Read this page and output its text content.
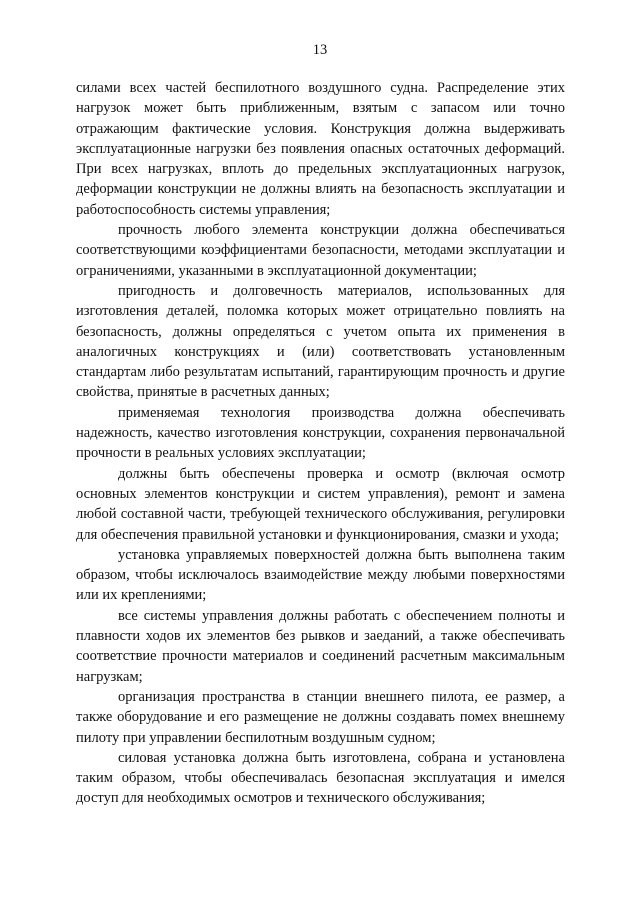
13

силами всех частей беспилотного воздушного судна. Распределение этих нагрузок может быть приближенным, взятым с запасом или точно отражающим фактические условия. Конструкция должна выдерживать эксплуатационные нагрузки без появления опасных остаточных деформаций. При всех нагрузках, вплоть до предельных эксплуатационных нагрузок, деформации конструкции не должны влиять на безопасность эксплуатации и работоспособность системы управления;

прочность любого элемента конструкции должна обеспечиваться соответствующими коэффициентами безопасности, методами эксплуатации и ограничениями, указанными в эксплуатационной документации;

пригодность и долговечность материалов, использованных для изготовления деталей, поломка которых может отрицательно повлиять на безопасность, должны определяться с учетом опыта их применения в аналогичных конструкциях и (или) соответствовать установленным стандартам либо результатам испытаний, гарантирующим прочность и другие свойства, принятые в расчетных данных;

применяемая технология производства должна обеспечивать надежность, качество изготовления конструкции, сохранения первоначальной прочности в реальных условиях эксплуатации;

должны быть обеспечены проверка и осмотр (включая осмотр основных элементов конструкции и систем управления), ремонт и замена любой составной части, требующей технического обслуживания, регулировки для обеспечения правильной установки и функционирования, смазки и ухода;

установка управляемых поверхностей должна быть выполнена таким образом, чтобы исключалось взаимодействие между любыми поверхностями или их креплениями;

все системы управления должны работать с обеспечением полноты и плавности ходов их элементов без рывков и заеданий, а также обеспечивать соответствие прочности материалов и соединений расчетным максимальным нагрузкам;

организация пространства в станции внешнего пилота, ее размер, а также оборудование и его размещение не должны создавать помех внешнему пилоту при управлении беспилотным воздушным судном;

силовая установка должна быть изготовлена, собрана и установлена таким образом, чтобы обеспечивалась безопасная эксплуатация и имелся доступ для необходимых осмотров и технического обслуживания;
